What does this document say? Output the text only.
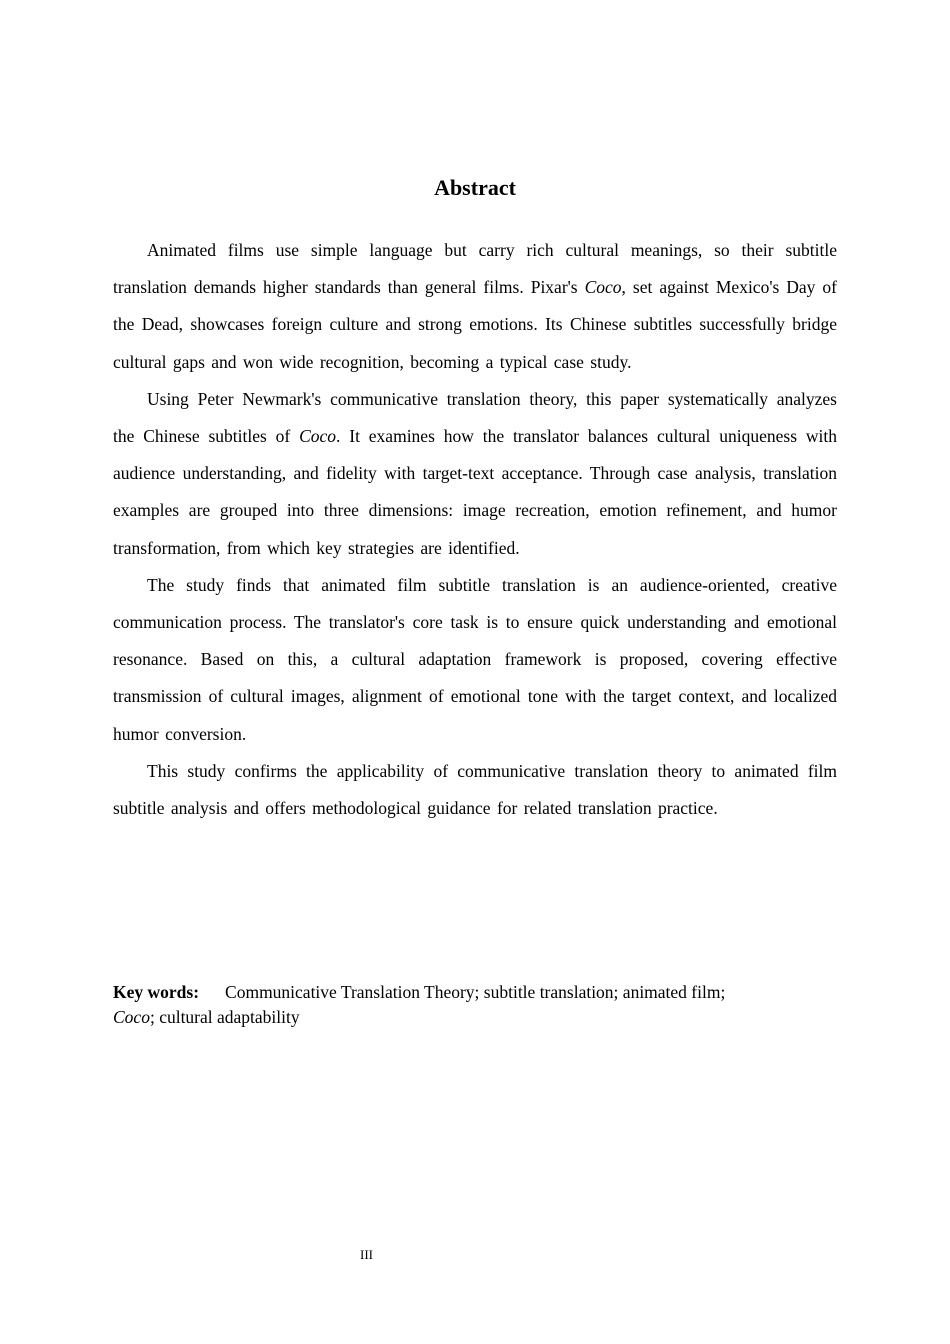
Abstract

Animated films use simple language but carry rich cultural meanings, so their subtitle translation demands higher standards than general films. Pixar's Coco, set against Mexico's Day of the Dead, showcases foreign culture and strong emotions. Its Chinese subtitles successfully bridge cultural gaps and won wide recognition, becoming a typical case study.

Using Peter Newmark's communicative translation theory, this paper systematically analyzes the Chinese subtitles of Coco. It examines how the translator balances cultural uniqueness with audience understanding, and fidelity with target-text acceptance. Through case analysis, translation examples are grouped into three dimensions: image recreation, emotion refinement, and humor transformation, from which key strategies are identified.

The study finds that animated film subtitle translation is an audience-oriented, creative communication process. The translator's core task is to ensure quick understanding and emotional resonance. Based on this, a cultural adaptation framework is proposed, covering effective transmission of cultural images, alignment of emotional tone with the target context, and localized humor conversion.

This study confirms the applicability of communicative translation theory to animated film subtitle analysis and offers methodological guidance for related translation practice.

Key words: Communicative Translation Theory; subtitle translation; animated film;
Coco; cultural adaptability
III
